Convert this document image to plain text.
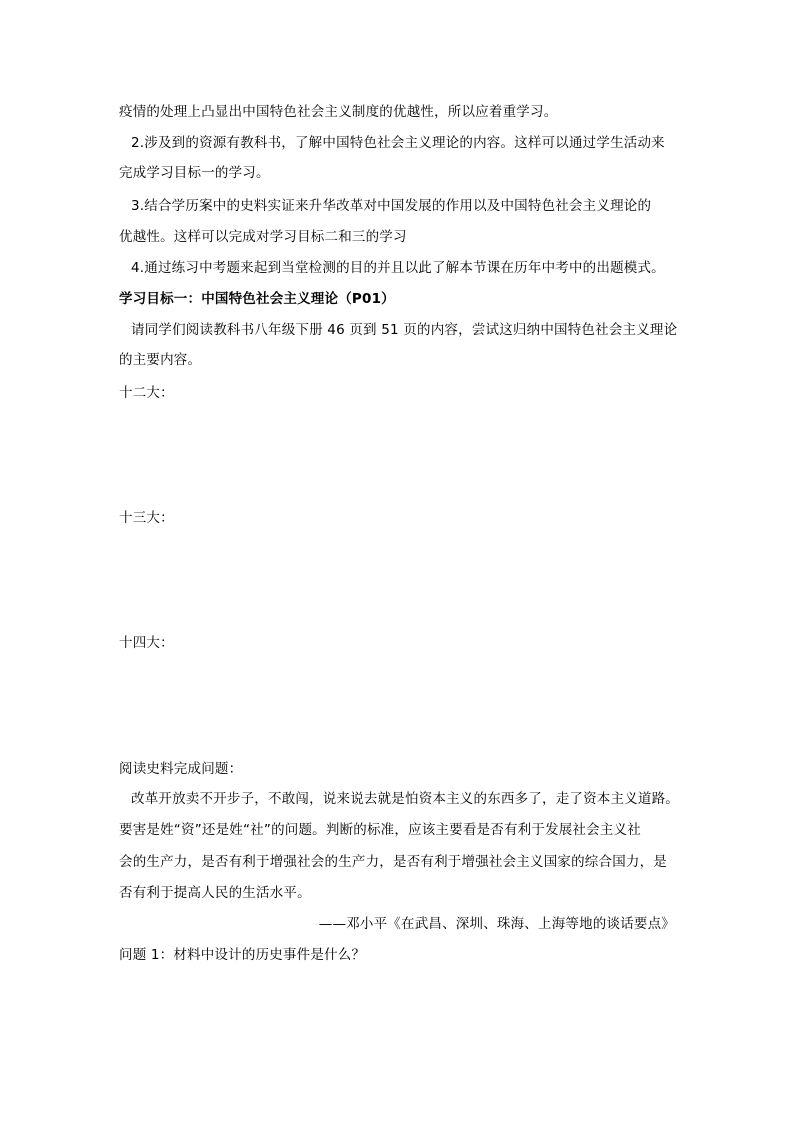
疫情的处理上凸显出中国特色社会主义制度的优越性，所以应着重学习。
2.涉及到的资源有教科书，了解中国特色社会主义理论的内容。这样可以通过学生活动来
完成学习目标一的学习。
3.结合学历案中的史料实证来升华改革对中国发展的作用以及中国特色社会主义理论的
优越性。这样可以完成对学习目标二和三的学习
4.通过练习中考题来起到当堂检测的目的并且以此了解本节课在历年中考中的出题模式。
学习目标一：中国特色社会主义理论（P01）
请同学们阅读教科书八年级下册 46 页到 51 页的内容，尝试这归纳中国特色社会主义理论
的主要内容。
十二大：
十三大：
十四大：
阅读史料完成问题：
改革开放卖不开步子，不敢闯，说来说去就是怕资本主义的东西多了，走了资本主义道路。
要害是姓“资”还是姓“社”的问题。判断的标准，应该主要看是否有利于发展社会主义社
会的生产力，是否有利于增强社会的生产力，是否有利于增强社会主义国家的综合国力，是
否有利于提高人民的生活水平。
——邓小平《在武昌、深圳、珠海、上海等地的谈话要点》
问题 1：材料中设计的历史事件是什么？
